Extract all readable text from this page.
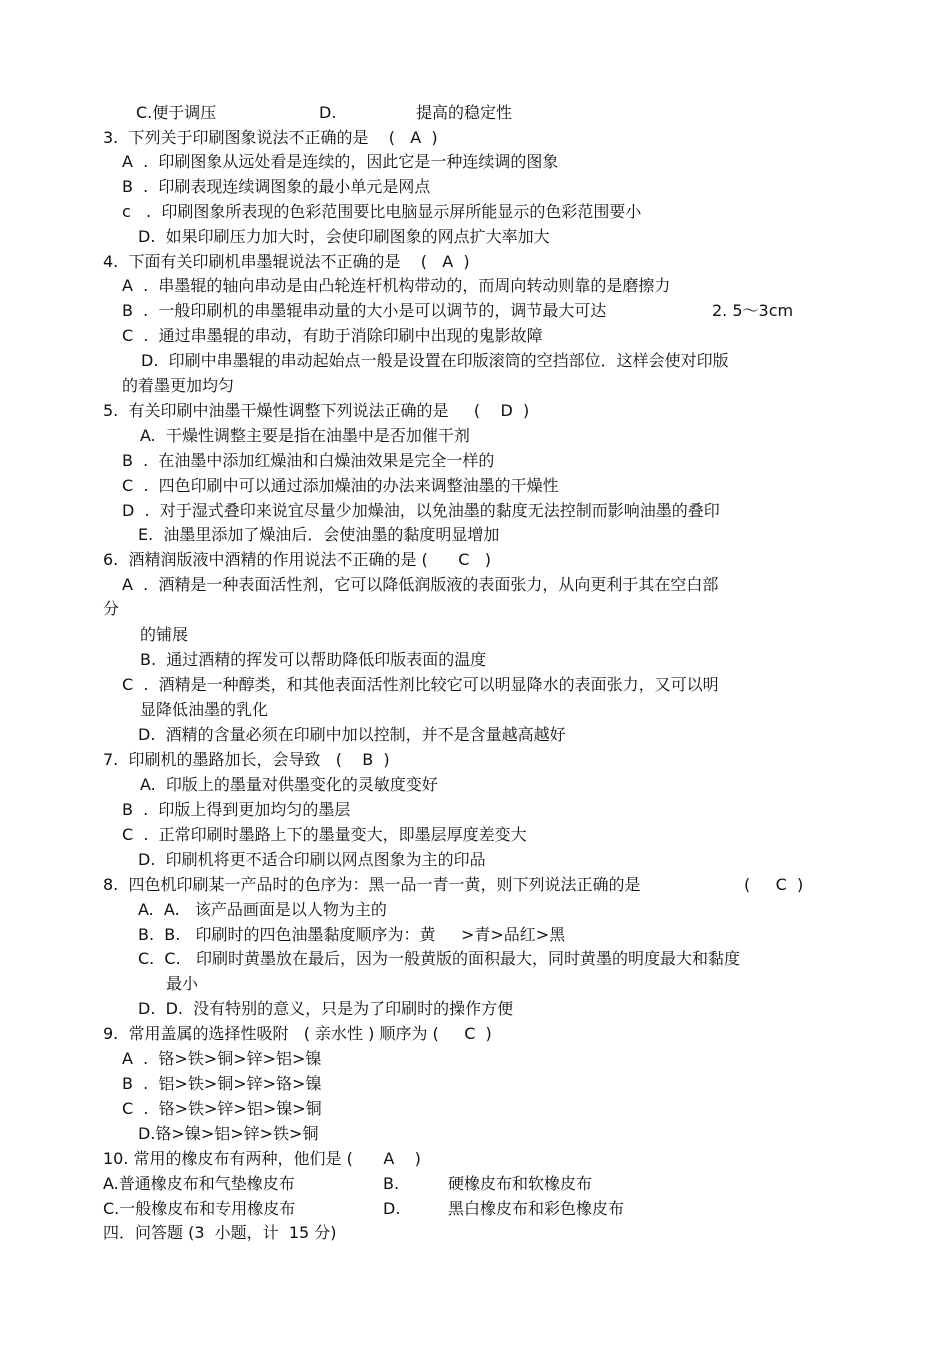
C.便于调压	D.	提高的稳定性
3.  下列关于印刷图象说法不正确的是    (   A  )
A  .  印刷图象从远处看是连续的，因此它是一种连续调的图象
B  .  印刷表现连续调图象的最小单元是网点
c   .  印刷图象所表现的色彩范围要比电脑显示屏所能显示的色彩范围要小
D.  如果印刷压力加大时，会使印刷图象的网点扩大率加大
4.  下面有关印刷机串墨辊说法不正确的是    (   A  )
A  .  串墨辊的轴向串动是由凸轮连杆机构带动的，而周向转动则靠的是磨擦力
B  .  一般印刷机的串墨辊串动量的大小是可以调节的，调节最大可达	2. 5～3cm
C  .  通过串墨辊的串动，有助于消除印刷中出现的鬼影故障
D.  印刷中串墨辊的串动起始点一般是设置在印版滚筒的空挡部位．这样会使对印版
的着墨更加均匀
5.  有关印刷中油墨干燥性调整下列说法正确的是     (    D  )
A.  干燥性调整主要是指在油墨中是否加催干剂
B  .  在油墨中添加红燥油和白燥油效果是完全一样的
C  .  四色印刷中可以通过添加燥油的办法来调整油墨的干燥性
D  .  对于湿式叠印来说宜尽量少加燥油，以免油墨的黏度无法控制而影响油墨的叠印
E.  油墨里添加了燥油后．会使油墨的黏度明显增加
6.  酒精润版液中酒精的作用说法不正确的是 (      C   )
A  .  酒精是一种表面活性剂，它可以降低润版液的表面张力，从向更利于其在空白部
分
的铺展
B.  通过酒精的挥发可以帮助降低印版表面的温度
C  .  酒精是一种醇类，和其他表面活性剂比较它可以明显降水的表面张力，又可以明
显降低油墨的乳化
D.  酒精的含量必须在印刷中加以控制，并不是含量越高越好
7.  印刷机的墨路加长，会导致   (    B  )
A.  印版上的墨量对供墨变化的灵敏度变好
B  .  印版上得到更加均匀的墨层
C  .  正常印刷时墨路上下的墨量变大，即墨层厚度差变大
D.  印刷机将更不适合印刷以网点图象为主的印品
8.  四色机印刷某一产品时的色序为：黑一品一青一黄，则下列说法正确的是	(     C  )
A.  A.   该产品画面是以人物为主的
B.  B.   印刷时的四色油墨黏度顺序为：黄     >青>品红>黑
C.  C.   印刷时黄墨放在最后，因为一般黄版的面积最大，同时黄墨的明度最大和黏度
最小
D.  D.  没有特别的意义，只是为了印刷时的操作方便
9.  常用盖属的选择性吸附   ( 亲水性 ) 顺序为 (     C  )
A  .  铬>铁>铜>锌>铝>镍
B  .  铝>铁>铜>锌>铬>镍
C  .  铬>铁>锌>铝>镍>铜
D.铬>镍>铝>锌>铁>铜
10. 常用的橡皮布有两种，他们是 (      A    )
A.普通橡皮布和气垫橡皮布	B.	硬橡皮布和软橡皮布
C.一般橡皮布和专用橡皮布	D.	黑白橡皮布和彩色橡皮布
四．问答题 (3  小题，计  15 分)
